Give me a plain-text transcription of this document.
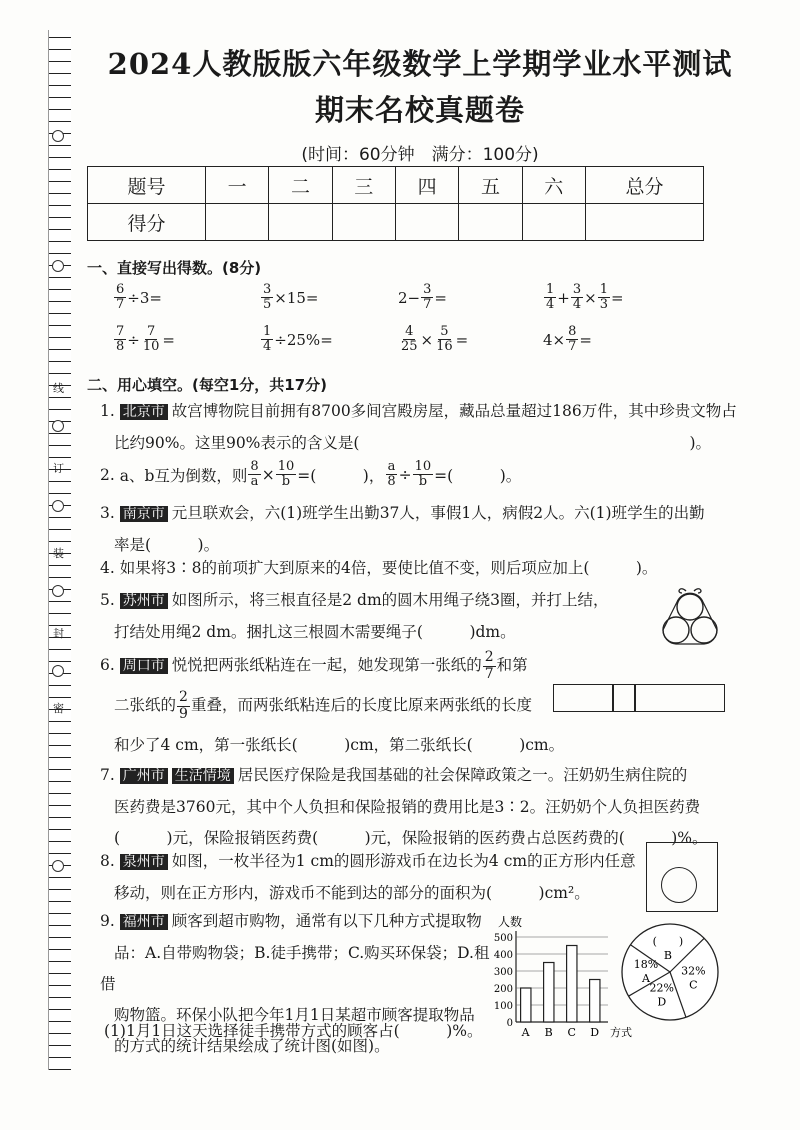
线
订
装
封
密
2024人教版版六年级数学上学期学业水平测试
期末名校真题卷
(时间：60分钟　满分：100分)
题号	一	二	三	四	五	六	总分
得分							
一、直接写出得数。(8分)
$\frac{6}{7} \div 3=$	$\frac{3}{5} \times 15=$	$2- \frac{3}{7}$ =	$\frac{1}{4} + \frac{3}{4} \times \frac{1}{3}$ =
$\frac{7}{8} \div \frac{7}{10}$ =	$\frac{1}{4} \div 25\%=$	$\frac{4}{25} \times \frac{5}{16}$ =	$4\times \frac{8}{7}$ =
二、用心填空。(每空1分，共17分)
1. 北京市 故宫博物院目前拥有8700多间宫殿房屋，藏品总量超过186万件，其中珍贵文物占
比约90%。这里90%表示的含义是(	)。
2.
a、b互为倒数，则 $\frac{8}{a} \times \frac{10}{b}$ =(　　　)， $\frac{a}{8} \div \frac{10}{b}$ =(　　　)。
3. 南京市 元旦联欢会，六(1)班学生出勤37人，事假1人，病假2人。六(1)班学生的出勤
率是(　　　)。
4. 如果将3∶8的前项扩大到原来的4倍，要使比值不变，则后项应加上(　　　)。
5. 苏州市 如图所示，将三根直径是2 dm的圆木用绳子绕3圈，并打上结，
打结处用绳2 dm。捆扎这三根圆木需要绳子(　　　)dm。
6. 周口市 悦悦把两张纸粘连在一起，她发现第一张纸的 $\frac{2}{7}$ 和第
二张纸的 $\frac{2}{9}$ 重叠，而两张纸粘连后的长度比原来两张纸的长度
和少了4 cm，第一张纸长(　　　)cm，第二张纸长(　　　)cm。
7. 广州市 生活情境 居民医疗保险是我国基础的社会保障政策之一。汪奶奶生病住院的
医药费是3760元，其中个人负担和保险报销的费用比是3∶2。汪奶奶个人负担医药费
(　　　)元，保险报销医药费(　　　)元，保险报销的医药费占总医药费的(　　　)%。
8. 泉州市 如图，一枚半径为1 cm的圆形游戏币在边长为4 cm的正方形内任意
移动，则在正方形内，游戏币不能到达的部分的面积为(　　　)cm²。
9. 福州市 顾客到超市购物，通常有以下几种方式提取物
品：A.自带购物袋；B.徒手携带；C.购买环保袋；D.租借
购物篮。环保小队把今年1月1日某超市顾客提取物品
的方式的统计结果绘成了统计图(如图)。
(1)1月1日这天选择徒手携带方式的顾客占(　　　)%。
人数
0
100
200
300
400
500
A B C D 方式
(　　)
B
32%
C
22%
D
18%
A
